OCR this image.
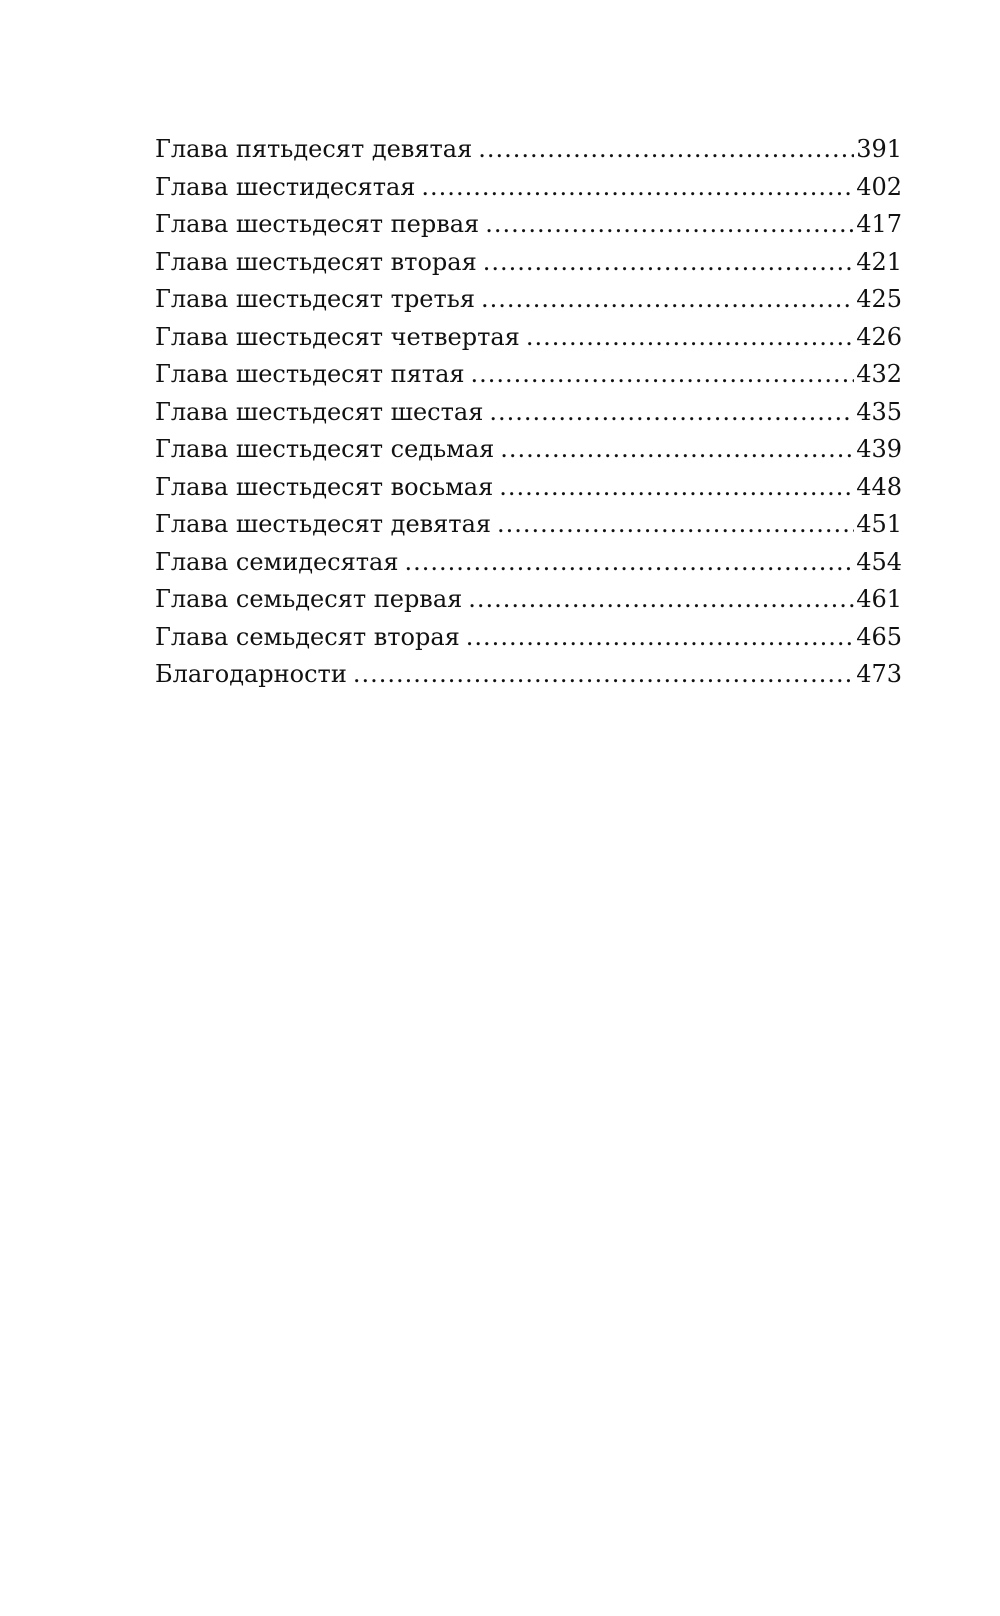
Глава пятьдесят девятая .....	391
Глава шестидесятая .....	402
Глава шестьдесят первая .....	417
Глава шестьдесят вторая .....	421
Глава шестьдесят третья .....	425
Глава шестьдесят четвертая .....	426
Глава шестьдесят пятая .....	432
Глава шестьдесят шестая .....	435
Глава шестьдесят седьмая .....	439
Глава шестьдесят восьмая .....	448
Глава шестьдесят девятая .....	451
Глава семидесятая .....	454
Глава семьдесят первая .....	461
Глава семьдесят вторая .....	465
Благодарности .....	473
